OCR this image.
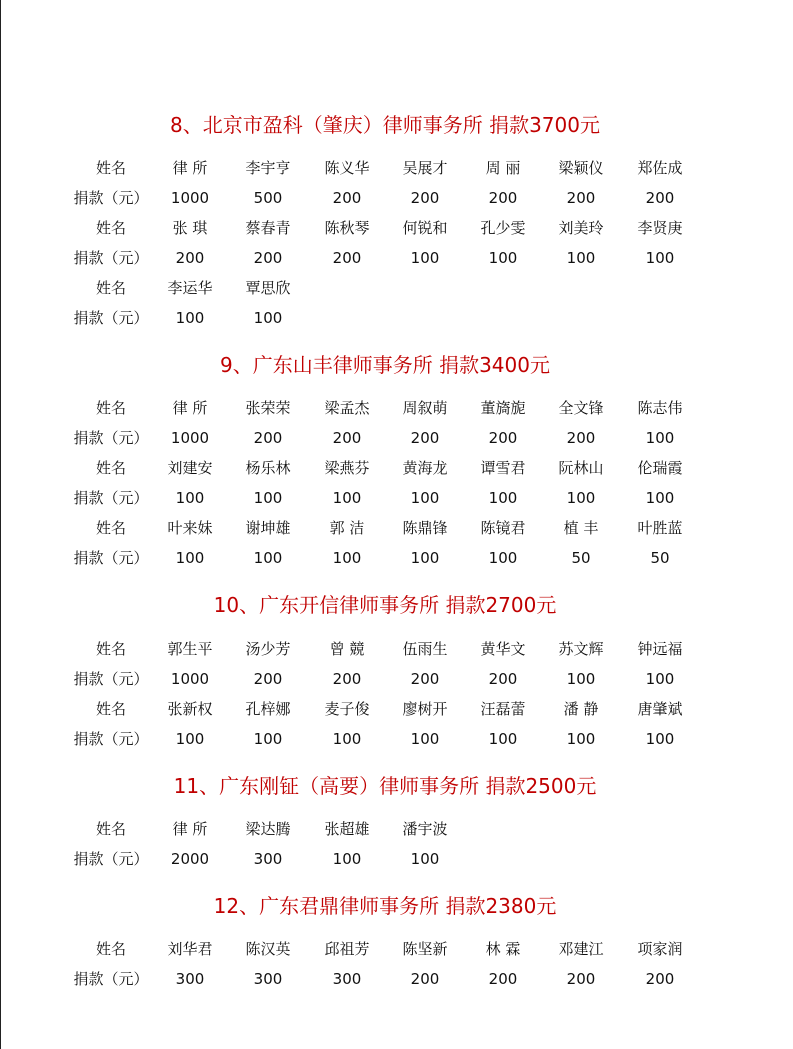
8、北京市盈科（肇庆）律师事务所 捐款3700元
姓名	律 所	李宇亨	陈义华	吴展才	周 丽	梁颖仪	郑佐成
捐款（元）	1000	500	200	200	200	200	200
姓名	张 琪	蔡春青	陈秋琴	何锐和	孔少雯	刘美玲	李贤庚
捐款（元）	200	200	200	100	100	100	100
姓名	李运华	覃思欣
捐款（元）	100	100
9、广东山丰律师事务所 捐款3400元
姓名	律 所	张荣荣	梁孟杰	周叙萌	董旖旎	全文锋	陈志伟
捐款（元）	1000	200	200	200	200	200	100
姓名	刘建安	杨乐林	梁燕芬	黄海龙	谭雪君	阮林山	伦瑞霞
捐款（元）	100	100	100	100	100	100	100
姓名	叶来妹	谢坤雄	郭 洁	陈鼎锋	陈镜君	植 丰	叶胜蓝
捐款（元）	100	100	100	100	100	50	50
10、广东开信律师事务所 捐款2700元
姓名	郭生平	汤少芳	曾 競	伍雨生	黄华文	苏文辉	钟远福
捐款（元）	1000	200	200	200	200	100	100
姓名	张新权	孔梓娜	麦子俊	廖树开	汪磊蕾	潘 静	唐肇斌
捐款（元）	100	100	100	100	100	100	100
11、广东刚钲（高要）律师事务所 捐款2500元
姓名	律 所	梁达腾	张超雄	潘宇波
捐款（元）	2000	300	100	100
12、广东君鼎律师事务所 捐款2380元
姓名	刘华君	陈汉英	邱祖芳	陈坚新	林 霖	邓建江	项家润
捐款（元）	300	300	300	200	200	200	200
